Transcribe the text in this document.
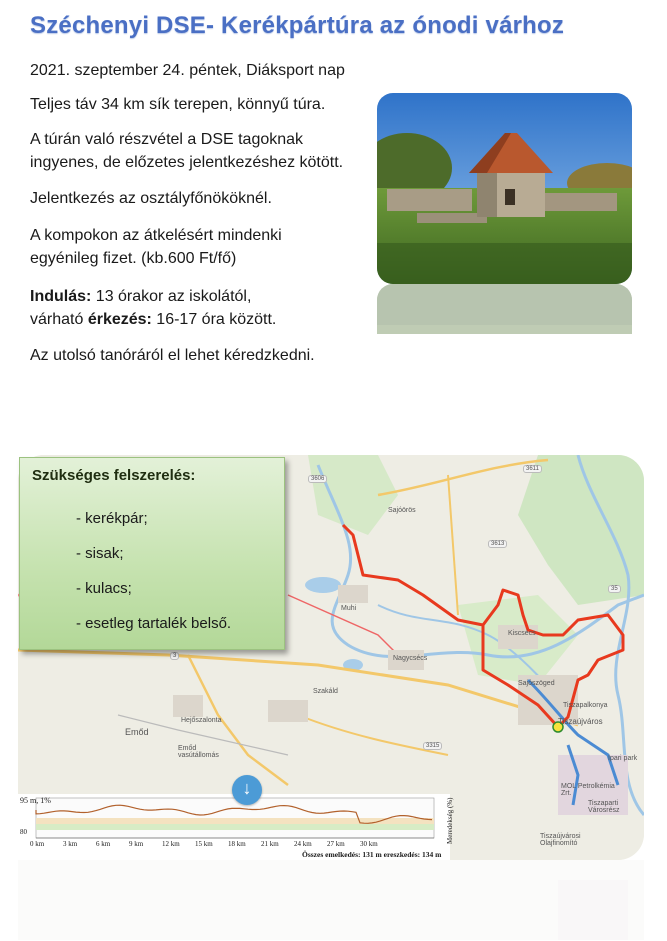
Széchenyi DSE- Kerékpártúra az ónodi várhoz

2021. szeptember 24. péntek, Diáksport nap

Teljes táv 34 km sík terepen, könnyű túra.

A túrán való részvétel a DSE tagoknak

ingyenes, de előzetes jelentkezéshez kötött.

Jelentkezés az osztályfőnököknél.

A kompokon az átkelésért mindenki

egyénileg fizet. (kb.600 Ft/fő)

Indulás: 13 órakor az iskolától,

várható érkezés: 16-17 óra között.

Az utolsó tanóráról el lehet kéredzkedni.

Sajóörös
Muhi
Nagycsécs
Szakáld
Hejőszalonta
Emőd
Kiscsécs
Sajószöged
Tiszaújváros
Tiszapalkonya
MOL Petrolkémia Zrt.
Tiszaparti Városrész
Ipari park
Tiszaújvárosi Olajfinomító
Emőd vasútállomás
3606
3611
3613
3315
35
3
95 m, 1%
80
0 km	3 km	6 km	9 km	12 km 15 km 18 km 21 km 24 km 27 km 30 km
Összes emelkedés: 131 m ereszkedés: 134 m
Meredekség (%)
↓
Szükséges felszerelés:
- kerékpár;
- sisak;
- kulacs;
- esetleg tartalék belső.
